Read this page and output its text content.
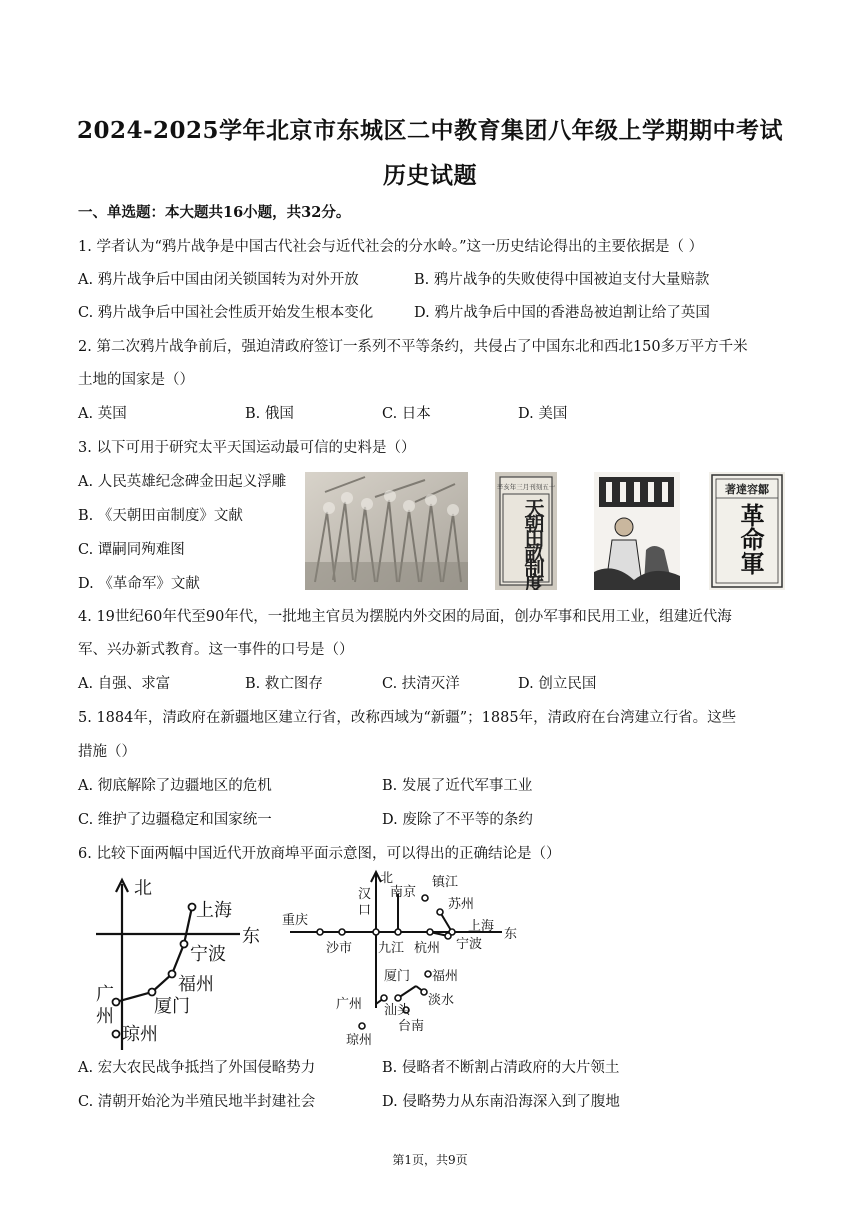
2024-2025学年北京市东城区二中教育集团八年级上学期期中考试
历史试题
一、单选题：本大题共16小题，共32分。
1. 学者认为“鸦片战争是中国古代社会与近代社会的分水岭。”这一历史结论得出的主要依据是（ ）
A. 鸦片战争后中国由闭关锁国转为对外开放	B. 鸦片战争的失败使得中国被迫支付大量赔款
C. 鸦片战争后中国社会性质开始发生根本变化	D. 鸦片战争后中国的香港岛被迫割让给了英国
2. 第二次鸦片战争前后，强迫清政府签订一系列不平等条约，共侵占了中国东北和西北150多万平方千米
土地的国家是（）
A. 英国	B. 俄国	C. 日本	D. 美国
3. 以下可用于研究太平天国运动最可信的史料是（）
A. 人民英雄纪念碑金田起义浮雕
B. 《天朝田亩制度》文献
C. 谭嗣同殉难图
D. 《革命军》文献
辛亥年三月刊刻五十
天朝田畝制度
著達容鄒
革命軍
4. 19世纪60年代至90年代，一批地主官员为摆脱内外交困的局面，创办军事和民用工业，组建近代海
军、兴办新式教育。这一事件的口号是（）
A. 自强、求富	B. 救亡图存	C. 扶清灭洋	D. 创立民国
5. 1884年，清政府在新疆地区建立行省，改称西域为“新疆”；1885年，清政府在台湾建立行省。这些
措施（）
A. 彻底解除了边疆地区的危机	B. 发展了近代军事工业
C. 维护了边疆稳定和国家统一	D. 废除了不平等的条约
6. 比较下面两幅中国近代开放商埠平面示意图，可以得出的正确结论是（）
北
东
上海
宁波
福州
厦门
琼州
广
州
北
东
重庆
沙市
南京
镇江
苏州
上海
九江 杭州 宁波
厦门 福州
广州 汕头
淡水
台南
琼州
汉
口
A. 宏大农民战争抵挡了外国侵略势力	B. 侵略者不断割占清政府的大片领土
C. 清朝开始沦为半殖民地半封建社会	D. 侵略势力从东南沿海深入到了腹地
第1页，共9页
